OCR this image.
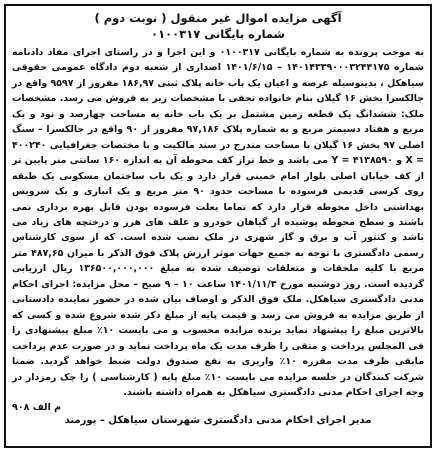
آگهی مزایده اموال غیر منقول ( نوبت دوم )
شماره بایگانی ۰۱۰۰۳۱۷
به موجب پرونده به شماره بایگانی ۰۱۰۰۳۱۷ و این اجرا و در راستای اجرای مفاد دادنامه شماره ۱۴۰۱۴۳۳۹۰۰۰۳۲۴۴۱۷۵ – ۱۴۰۱/۶/۱۵ اصداری از شعبه دوم دادگاه عمومی حقوقی سیاهکل ، بدینوسیله عرصه و اعیان یک باب خانه پلاک ثبتی ۱۸۶,۹۷ مفروز از ۹۵۹۷ واقع در جالکسرا بخش ۱۶ گیلان بنام خانواده نجفی با مشخصات زیر به فروش می رسد. مشخصات ملک: ششدانگ یک قطعه زمین مشتمل بر یک باب خانه به مساحت چهارصد و نود و یک مربع و هفتاد دسیمتر مربع و به شماره پلاک ۹۷,۱۸۶ مفروز از ۹۰ واقع در جالکسرا – سنگ اصلی ۹۷ بخش ۱۶ گیلان با مساحت مندرج در سند مالکیت و با مختصات جغرافیایی ۴۰۰۲۴۰ = X و ۴۱۳۸۵۹۰ = Y می باشد و خط تراز کف محوطه آن به اندازه ۱۶۰ سانتی متر پایین تر از کف خیابان اصلی بلوار امام خمینی قرار دارد و یک باب ساختمان مسکونی یک طبقه روی کرسی قدیمی فرسوده با مساحت حدود ۹۰ متر مربع و یک انباری و یک سرویس بهداشتی داخل محوطه قرار دارد که تماما بعلت فرسوده بودن قابل بهره برداری نمی باشند و سطح محوطه پوشیده از گیاهان خودرو و علف های هرز و درختچه های زیاد می باشد و کنتور آب و برق و گاز شهری در ملک نصب شده است. که از سوی کارشناس رسمی دادگستری با توجه به جمیع جهات موثر ارزش پلاک فوق الذکر با میزان ۴۸۷,۶۵ متر مربع با کلیه ملحقات و متعلقات توصیف شده به مبلغ ۱۳۶۵۰۰,۰۰۰,۰۰۰ ریال ارزیابی گردیده است. روز دوشنبه مورخ ۱۴۰۱/۱۱/۳ ساعت ۱۰ – ۹ صبح – محل مزایده: اجرای احکام مدنی دادگستری سیاهکل. ملک فوق الذکر و اوصاف بیان شده در حضور نماینده دادستانی از طریق مزایده به فروش می رسد و قیمت پایه از مبلغ ذکر شده شروع شده و کسی که بالاترین مبلغ را پیشنهاد نماید برنده مزایده محسوب و می بایست ۱۰٪ مبلغ پیشنهادی را فی المجلس پرداخت و متقی را ظرف مدت یک ماه پرداخت نماید و در صورت عدم پرداخت مابقی ظرف مدت مقرره ۱۰٪ واریزی به نفع صندوق دولت ضبط خواهد گردید. ضمنا شرکت کنندگان در جلسه مزایده می بایست ۱۰٪ مبلغ پایه ( کارشناسی ) را چک رمزدار در وجه اجرای احکام مدنی دادگستری سیاهکل به همراه داشته باشند.
م الف ۹۰۸
مدیر اجرای احکام مدنی دادگستری شهرستان سیاهکل – پورمند
